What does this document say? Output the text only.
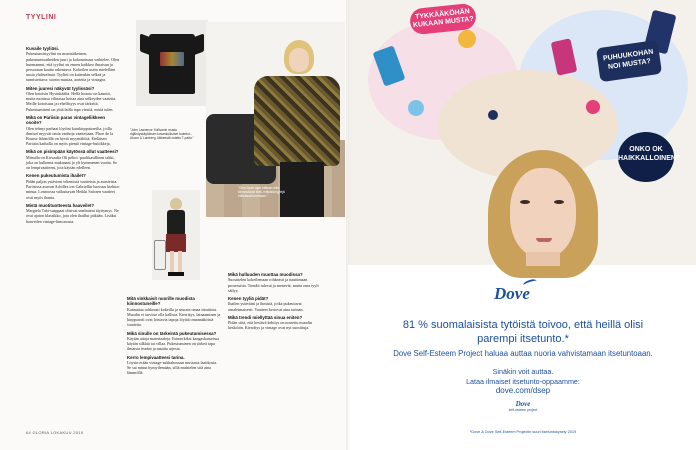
TYYLINI
Kuvaile tyyliäsi.
Pukeutumistyylini on monisäikeinen, pukeutumisaiheiden juuri ja kokonaisuus vaihtelee. Olen huomannut, että tyylini on ennen kaikkea ilmaisun ja persoonan kautta rakentuva. Kokeilen usein mielelläni uusia yhdistelmiä. Tyylini on kuitenkin selkeä ja tunnistettava: suosin mustaa, aarteita ja vintagea.
Miten juuresi näkyvät tyylissäsi?
Olen kotoisin Hyvinkäältä. Hellä hoaoto on kauniit, mutta monissa vilinassa hoitaa aina selkeyden vaatetta. Meille kotoisuus ja rehellisyys ovat tärkeitä. Pukeutumiseni on yhtä lailla tapa viestiä, mistä tulen.
Mikä on Pariisin paras vintageliikkeen osoite?
Olen tehnyt parhaat löytöni katukirpputoreilta, joilla ihmiset myyvät omia vanhoja vaatteitaan. Place de la Bourse lähistöllä on hyviä myymälöitä. Eteläisen Pariisin kaduilla on myös pieniä vintage-butiikkeja.
Mikä on pisimpään käytössä ollut vaatteesi?
Mitsulla on Kirvaalta Oli peltoi -puolikasillinen takki, joka on kulkenut mukanani jo yli kymmenen vuotta. Se on lempivaatteeni, jota käytän edelleen.
Kenen pukeutumista ihailet?
Pidän paljon ystävieni tekemistä vaatteista ja asusteista. Pariisissa asuvan Achilles ion Gabriellin luovuus kiehtoo minua. Lontoossa vaikuttavan Heikki Salosen vaatteet ovat myös ihania.
Mistä muotituotteesta haaveilet?
Margiela Tabi-saappaat olisivat unelmieni täyttymys. Ne ovat ajaton klassikko, jota olen ihaillut pitkään. Lisäksi haaveilen vintage-kimonosta.
Mitä vinkkaisit nuorille muodista kiinnostuneille?
Kannattaa rohkeasti kokeilla ja seurata omaa intuitiota. Muodin ei tarvitse olla kallista. Kierrätys, lainaaminen ja kirpputorit ovat loistavia tapoja löytää omannäköisiä vaatteita.
Mikä sinulle on tärkeintä pukeutumisessa?
Käytän aitoja materiaaleja. Esimerkiksi kangaskasseissa käytän silkkiä tai villaa. Pukeutuminen on tärkeä tapa ilmaista itseäni ja nauttia arjesta.
Kerro lempivaatteesi tarina.
Löysin erään vintage-sukkahousun mustasta laatikosta. Se sai minut hymyilemään, sillä muistelen sitä aina lämmöllä.
Mikä hulluuden muottaa muodissa?
Suosittelen kokeilemaan rohkeasti ja nauttimaan prosessista. Trendit tulevat ja menevät, mutta oma tyyli säilyy.
Kenen tyyliä pidät?
Ihailen ystäviäni ja ihmisiä, jotka pukeutuvat omaleimaisesti. Vaatteet kertovat aina tarinan.
Mikä trendi miellyttää sinua eniten?
Pidän siitä, että kestävä kehitys on nostettu muodin keskiöön. Kierrätys ja vintage ovat nyt suosittuja.
”John Lawrence Sullivanin musta räjähdyskäytöksen kuvankulkuiset tuotetut... Akoon & Lamberg -liikkeestä ostettu T-paita.”
”Olen hyvin ajan mittaan ollut kiinnostunut siitä, millaisia tyylejä elämässä tuotetaan.”
64 GLORIA LOKAKUU 2019
TYKKÄÄKÖHÄN KUKAAN MUSTA?
PUHUUKOHAN NOI MUSTA?
ONKO OK HAIKKALLOINEN?
Dove
81 % suomalaisista tytöistä toivoo, että heillä olisi parempi itsetunto.*
Dove Self-Esteem Project haluaa auttaa nuoria vahvistamaan itsetuntoaan.
Sinäkin voit auttaa.
Lataa ilmaiset itsetunto-oppaamme:
dove.com/dsep
Dove
self-esteem project
*Dove & Dove Self-Esteem Projectin suuri itsetuntokysely 2019
